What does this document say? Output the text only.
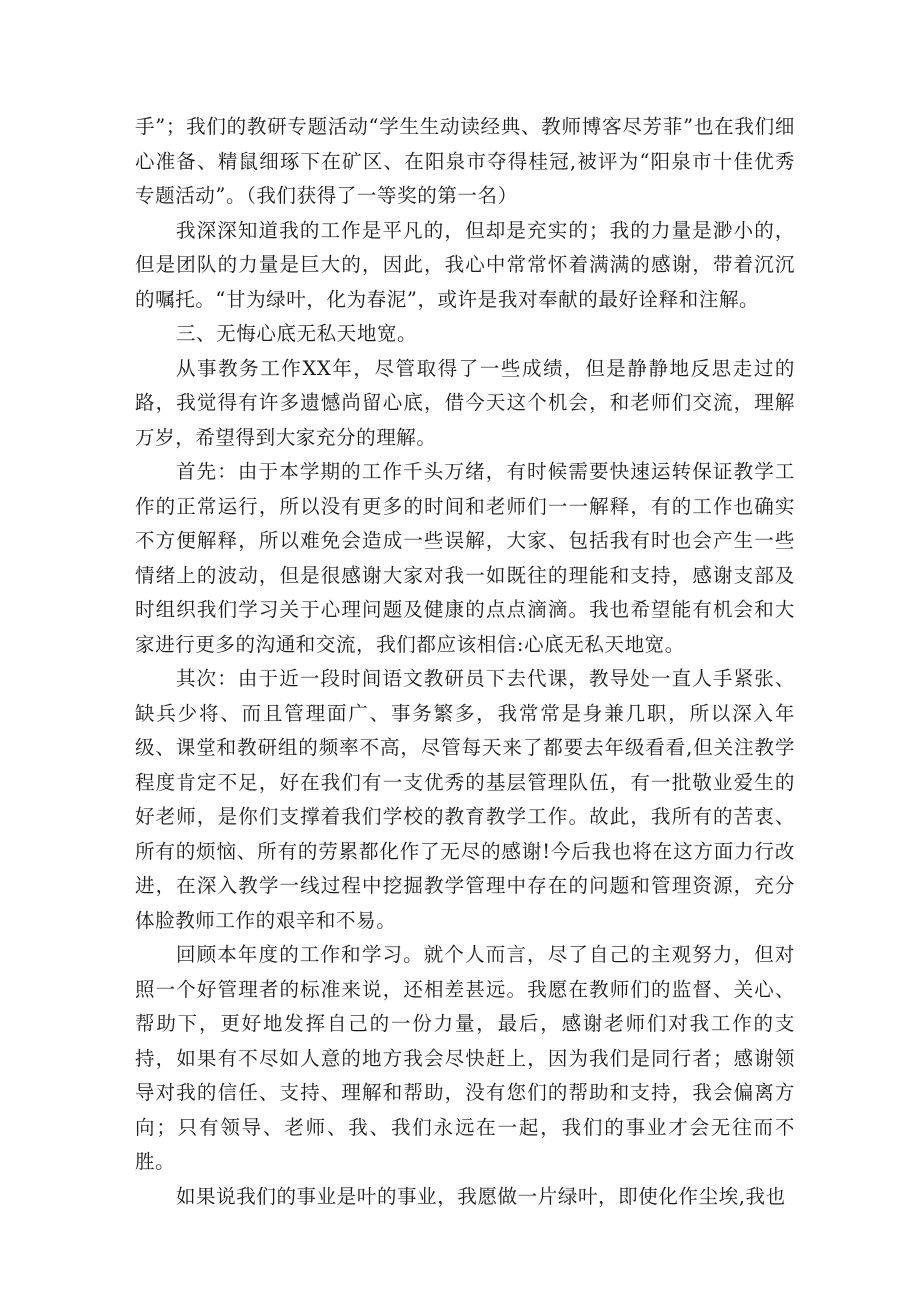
手”；我们的教研专题活动“学生生动读经典、教师博客尽芳菲”也在我们细心准备、精鼠细琢下在矿区、在阳泉市夺得桂冠,被评为“阳泉市十佳优秀专题活动”。（我们获得了一等奖的第一名）

我深深知道我的工作是平凡的，但却是充实的；我的力量是渺小的，但是团队的力量是巨大的，因此，我心中常常怀着满满的感谢，带着沉沉的嘱托。“甘为绿叶，化为春泥”，或许是我对奉献的最好诠释和注解。

三、无悔心底无私天地宽。

从事教务工作XX年，尽管取得了一些成绩，但是静静地反思走过的路，我觉得有许多遗憾尚留心底，借今天这个机会，和老师们交流，理解万岁，希望得到大家充分的理解。

首先：由于本学期的工作千头万绪，有时候需要快速运转保证教学工作的正常运行，所以没有更多的时间和老师们一一解释，有的工作也确实不方便解释，所以难免会造成一些误解，大家、包括我有时也会产生一些情绪上的波动，但是很感谢大家对我一如既往的理能和支持，感谢支部及时组织我们学习关于心理问题及健康的点点滴滴。我也希望能有机会和大家进行更多的沟通和交流，我们都应该相信:心底无私天地宽。

其次：由于近一段时间语文教研员下去代课，教导处一直人手紧张、缺兵少将、而且管理面广、事务繁多，我常常是身兼几职，所以深入年级、课堂和教研组的频率不高，尽管每天来了都要去年级看看,但关注教学程度肯定不足，好在我们有一支优秀的基层管理队伍，有一批敬业爱生的好老师，是你们支撑着我们学校的教育教学工作。故此，我所有的苦衷、所有的烦恼、所有的劳累都化作了无尽的感谢!今后我也将在这方面力行改进，在深入教学一线过程中挖掘教学管理中存在的问题和管理资源，充分体脸教师工作的艰辛和不易。

回顾本年度的工作和学习。就个人而言，尽了自己的主观努力，但对照一个好管理者的标准来说，还相差甚远。我愿在教师们的监督、关心、帮助下，更好地发挥自己的一份力量，最后，感谢老师们对我工作的支持，如果有不尽如人意的地方我会尽快赶上，因为我们是同行者；感谢领导对我的信任、支持、理解和帮助，没有您们的帮助和支持，我会偏离方向；只有领导、老师、我、我们永远在一起，我们的事业才会无往而不胜。

如果说我们的事业是叶的事业，我愿做一片绿叶，即使化作尘埃,我也
